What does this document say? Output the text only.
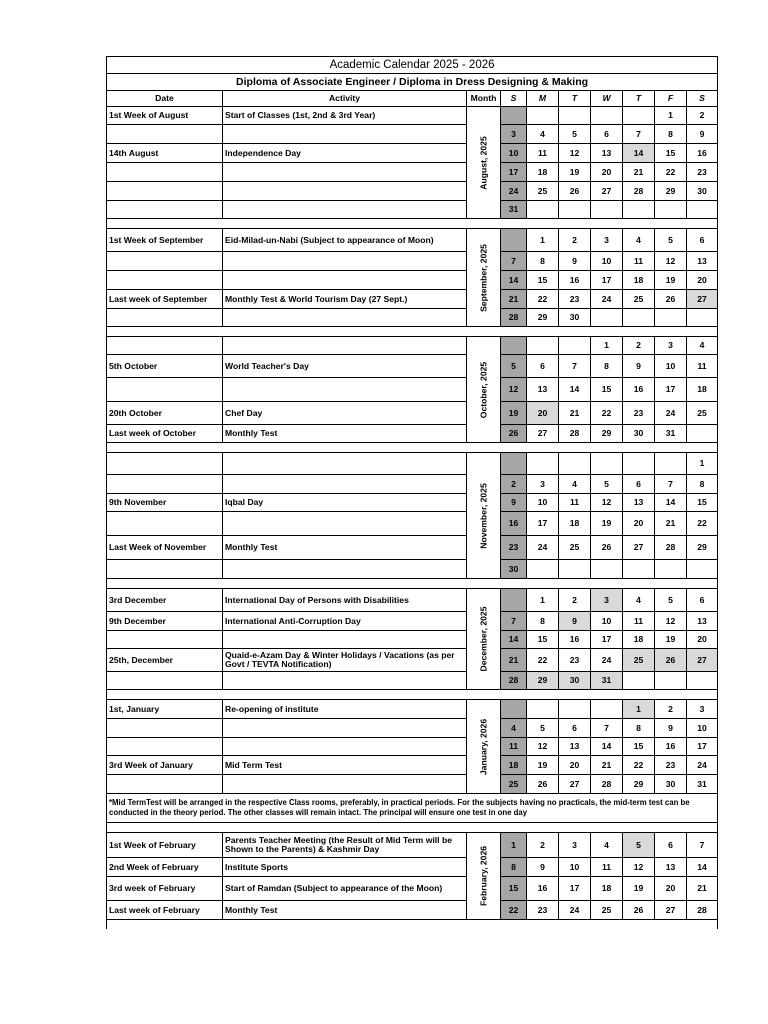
Academic Calendar 2025 - 2026									
Diploma of Associate Engineer / Diploma in Dress Designing & Making									
Date	Activity	Month	S	M	T	W	T	F	S
1st Week of August	Start of Classes (1st, 2nd & 3rd Year)	August, 2025						1	2
			3	4	5	6	7	8	9
14th August	Independence Day		10	11	12	13	14	15	16
			17	18	19	20	21	22	23
			24	25	26	27	28	29	30
			31						

1st Week of September	Eid-Milad-un-Nabi (Subject to appearance of Moon)	September, 2025		1	2	3	4	5	6
			7	8	9	10	11	12	13
			14	15	16	17	18	19	20
Last week of September	Monthly Test & World Tourism Day (27 Sept.)		21	22	23	24	25	26	27
			28	29	30				

		October, 2025				1	2	3	4
5th October	World Teacher's Day		5	6	7	8	9	10	11
			12	13	14	15	16	17	18
20th October	Chef Day		19	20	21	22	23	24	25
Last week of October	Monthly Test		26	27	28	29	30	31	

		November, 2025							1
			2	3	4	5	6	7	8
9th November	Iqbal Day		9	10	11	12	13	14	15
			16	17	18	19	20	21	22
Last Week of November	Monthly Test		23	24	25	26	27	28	29
			30						

3rd December	International Day of Persons with Disabilities	December, 2025		1	2	3	4	5	6
9th December	International Anti-Corruption Day		7	8	9	10	11	12	13
			14	15	16	17	18	19	20
25th, December	Quaid-e-Azam Day & Winter Holidays / Vacations (as per Govt / TEVTA Notification)		21	22	23	24	25	26	27
			28	29	30	31			

1st, January	Re-opening of institute	January, 2026					1	2	3
			4	5	6	7	8	9	10
			11	12	13	14	15	16	17
3rd Week of January	Mid Term Test		18	19	20	21	22	23	24
			25	26	27	28	29	30	31
*Mid TermTest will be arranged in the respective Class rooms, preferably, in practical periods. For the subjects having no practicals, the mid-term test can be conducted in the theory period. The other classes will remain intact. The principal will ensure one test in one day									

1st Week of February	Parents Teacher Meeting (the Result of Mid Term will be Shown to the Parents) & Kashmir Day	February, 2026	1	2	3	4	5	6	7
2nd Week of February	Institute Sports		8	9	10	11	12	13	14
3rd week of February	Start of Ramdan (Subject to appearance of the Moon)		15	16	17	18	19	20	21
Last week of February	Monthly Test		22	23	24	25	26	27	28
